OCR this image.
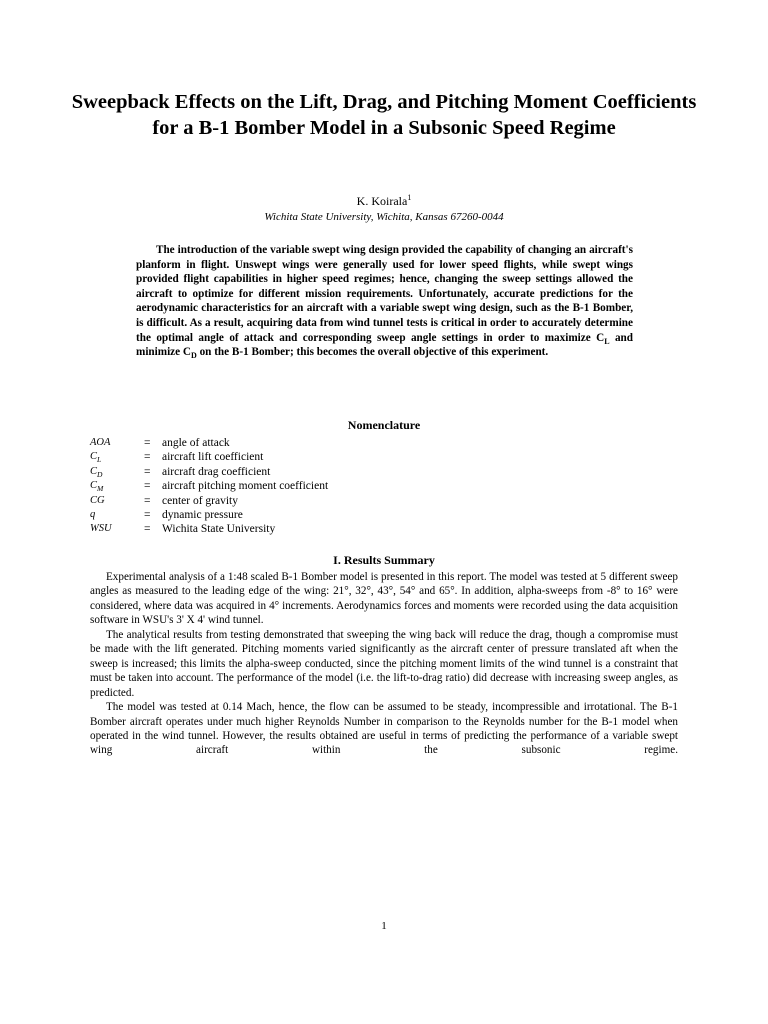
Sweepback Effects on the Lift, Drag, and Pitching Moment Coefficients for a B-1 Bomber Model in a Subsonic Speed Regime
K. Koirala$^1$
Wichita State University, Wichita, Kansas 67260-0044

The introduction of the variable swept wing design provided the capability of changing an aircraft's planform in flight. Unswept wings were generally used for lower speed flights, while swept wings provided flight capabilities in higher speed regimes; hence, changing the sweep settings allowed the aircraft to optimize for different mission requirements. Unfortunately, accurate predictions for the aerodynamic characteristics for an aircraft with a variable swept wing design, such as the B-1 Bomber, is difficult. As a result, acquiring data from wind tunnel tests is critical in order to accurately determine the optimal angle of attack and corresponding sweep angle settings in order to maximize $C_L$ and minimize $C_D$ on the B-1 Bomber; this becomes the overall objective of this experiment.

Nomenclature
AOA	=	angle of attack
$C_L$	=	aircraft lift coefficient
$C_D$	=	aircraft drag coefficient
$C_M$	=	aircraft pitching moment coefficient
CG	=	center of gravity
q	=	dynamic pressure
WSU	=	Wichita State University
I. Results Summary

Experimental analysis of a 1:48 scaled B-1 Bomber model is presented in this report. The model was tested at 5 different sweep angles as measured to the leading edge of the wing: 21°, 32°, 43°, 54° and 65°. In addition, alpha-sweeps from -8° to 16° were considered, where data was acquired in 4° increments. Aerodynamics forces and moments were recorded using the data acquisition software in WSU's 3' X 4' wind tunnel.

The analytical results from testing demonstrated that sweeping the wing back will reduce the drag, though a compromise must be made with the lift generated. Pitching moments varied significantly as the aircraft center of pressure translated aft when the sweep is increased; this limits the alpha-sweep conducted, since the pitching moment limits of the wind tunnel is a constraint that must be taken into account. The performance of the model (i.e. the lift-to-drag ratio) did decrease with increasing sweep angles, as predicted.

The model was tested at 0.14 Mach, hence, the flow can be assumed to be steady, incompressible and irrotational. The B-1 Bomber aircraft operates under much higher Reynolds Number in comparison to the Reynolds number for the B-1 model when operated in the wind tunnel. However, the results obtained are useful in terms of predicting the performance of a variable swept wing aircraft within the subsonic regime.

1
